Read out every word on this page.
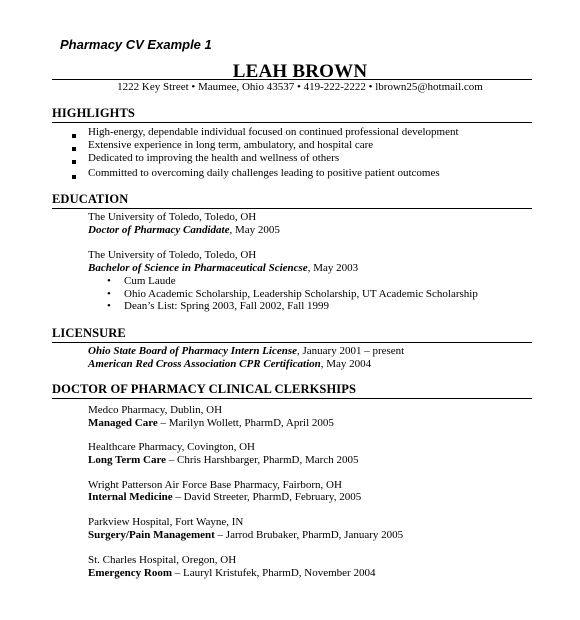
Pharmacy CV Example 1
LEAH BROWN
1222 Key Street • Maumee, Ohio 43537 • 419-222-2222 • lbrown25@hotmail.com
HIGHLIGHTS
High-energy, dependable individual focused on continued professional development
Extensive experience in long term, ambulatory, and hospital care
Dedicated to improving the health and wellness of others
Committed to overcoming daily challenges leading to positive patient outcomes
EDUCATION
The University of Toledo, Toledo, OH
Doctor of Pharmacy Candidate, May 2005
The University of Toledo, Toledo, OH
Bachelor of Science in Pharmaceutical Sciencse, May 2003
• Cum Laude
• Ohio Academic Scholarship, Leadership Scholarship, UT Academic Scholarship
• Dean’s List: Spring 2003, Fall 2002, Fall 1999
LICENSURE
Ohio State Board of Pharmacy Intern License, January 2001 – present
American Red Cross Association CPR Certification, May 2004
DOCTOR OF PHARMACY CLINICAL CLERKSHIPS
Medco Pharmacy, Dublin, OH
Managed Care – Marilyn Wollett, PharmD, April 2005
Healthcare Pharmacy, Covington, OH
Long Term Care – Chris Harshbarger, PharmD, March 2005
Wright Patterson Air Force Base Pharmacy, Fairborn, OH
Internal Medicine – David Streeter, PharmD, February, 2005
Parkview Hospital, Fort Wayne, IN
Surgery/Pain Management – Jarrod Brubaker, PharmD, January 2005
St. Charles Hospital, Oregon, OH
Emergency Room – Lauryl Kristufek, PharmD, November 2004
